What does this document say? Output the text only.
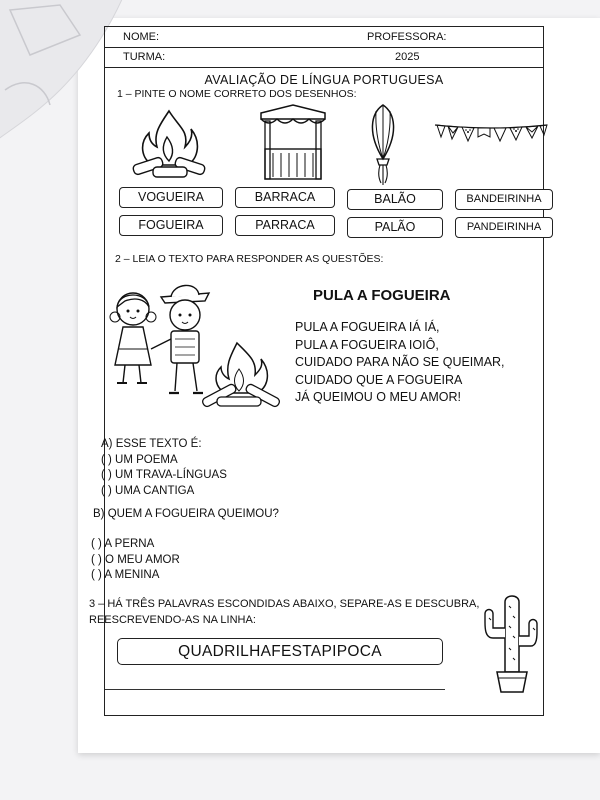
NOME:	PROFESSORA:
TURMA:	2025
AVALIAÇÃO DE LÍNGUA PORTUGUESA
1 – PINTE O NOME CORRETO DOS DESENHOS:
VOGUEIRA	BARRACA	BALÃO	BANDEIRINHA
FOGUEIRA	PARRACA	PALÃO	PANDEIRINHA
2 – LEIA O TEXTO PARA RESPONDER AS QUESTÕES:
PULA A FOGUEIRA
PULA A FOGUEIRA IÁ IÁ,
PULA A FOGUEIRA IOIÔ,
CUIDADO PARA NÃO SE QUEIMAR,
CUIDADO QUE A FOGUEIRA
JÁ QUEIMOU O MEU AMOR!
A) ESSE TEXTO É:
( ) UM POEMA
( ) UM TRAVA-LÍNGUAS
( ) UMA CANTIGA
B) QUEM A FOGUEIRA QUEIMOU?
( ) A PERNA
( ) O MEU AMOR
( ) A MENINA
3 – HÁ TRÊS PALAVRAS ESCONDIDAS ABAIXO, SEPARE-AS E DESCUBRA,
REESCREVENDO-AS NA LINHA:
QUADRILHAFESTAPIPOCA
